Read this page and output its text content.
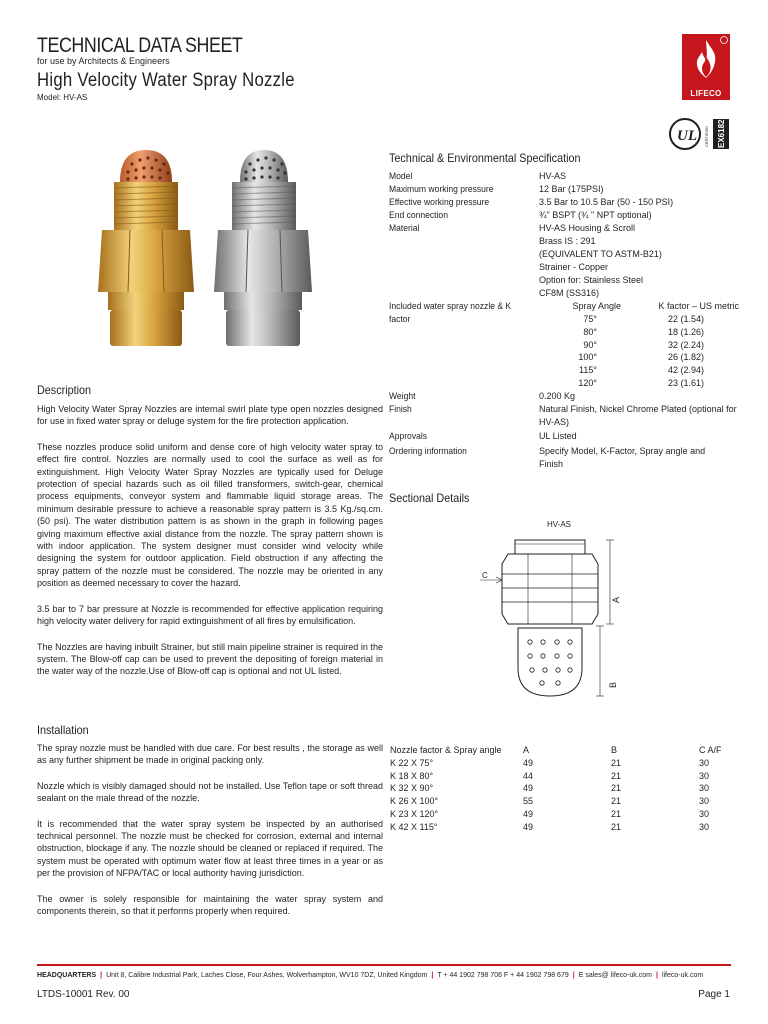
TECHNICAL DATA SHEET
for use by Architects & Engineers
High Velocity Water Spray Nozzle
Model: HV-AS	LIFECO
UL	EX6182
CERTIFIED
Technical & Environmental Specification
Model	HV-AS
Maximum working pressure	12 Bar (175PSI)
Effective working pressure	3.5 Bar to 10.5 Bar (50 - 150 PSI)
End connection	¾" BSPT (¾ " NPT optional)
Material	HV-AS Housing & Scroll
Brass IS : 291
(EQUIVALENT TO ASTM-B21)
Strainer - Copper
Option for: Stainless Steel
CF8M (SS316)
Included water spray nozzle & K
factor
Spray Angle	K factor – US metric
75°	22 (1.54)
80°	18 (1.26)
90°	32 (2.24)
100°	26 (1.82)
115°	42 (2.94)
120°	23 (1.61)
Weight	0.200 Kg
Finish	Natural Finish, Nickel Chrome Plated (optional for
HV-AS)
Approvals	UL Listed
Ordering information	Specify Model, K-Factor, Spray angle and Finish
Description

High Velocity Water Spray Nozzles are internal swirl plate type open nozzles designed for use in fixed water spray or deluge system for the fire protection application.

These nozzles produce solid uniform and dense core of high velocity water spray to effect fire control. Nozzles are normally used to cool the surface as well as for extinguishment. High Velocity Water Spray Nozzles are typically used for Deluge protection of special hazards such as oil filled transformers, switch-gear, chemical process equipments, conveyor system and flammable liquid storage areas. The minimum desirable pressure to achieve a reasonable spray pattern is 3.5 Kg./sq.cm. (50 psi). The water distribution pattern is as shown in the graph in following pages giving maximum effective axial distance from the nozzle. The spray pattern shown is with indoor application. The system designer must consider wind velocity while designing the system for outdoor application. Field obstruction if any affecting the spray pattern of the nozzle must be considered. The nozzle may be oriented in any position as deemed necessary to cover the hazard.

3.5 bar to 7 bar pressure at Nozzle is recommended for effective application requiring high velocity water delivery for rapid extinguishment of all fires by emulsification.

The Nozzles are having inbuilt Strainer, but still main pipeline strainer is required in the system. The Blow-off cap can be used to prevent the depositing of foreign material in the water way of the nozzle.Use of Blow-off cap is optional and not UL listed.

Installation

The spray nozzle must be handled with due care. For best results , the storage as well as any further shipment be made in original packing only.

Nozzle which is visibly damaged should not be installed. Use Teflon tape or soft thread sealant on the male thread of the nozzle.

It is recommended that the water spray system be inspected by an authorised technical personnel. The nozzle must be checked for corrosion, external and internal obstruction, blockage if any. The nozzle should be cleaned or replaced if required. The system must be operated with optimum water flow at least three times in a year or as per the provision of NFPA/TAC or local authority having jurisdiction.

The owner is solely responsible for maintaining the water spray system and components therein, so that it performs properly when required.

Sectional Details
HV-AS
A
B
C
Nozzle factor & Spray angle	A	B	C A/F
K 22 X 75°	49	21	30
K 18 X 80°	44	21	30
K 32 X 90°	49	21	30
K 26 X 100°	55	21	30
K 23 X 120°	49	21	30
K 42 X 115°	49	21	30
HEADQUARTERS | Unit 8, Calibre Industrial Park, Laches Close, Four Ashes, Wolverhampton, WV10 7DZ, United Kingdom | T + 44 1902 798 706 F + 44 1902 798 679 | E sales@ lifeco-uk.com | lifeco-uk.com
LTDS-10001 Rev. 00	Page 1
